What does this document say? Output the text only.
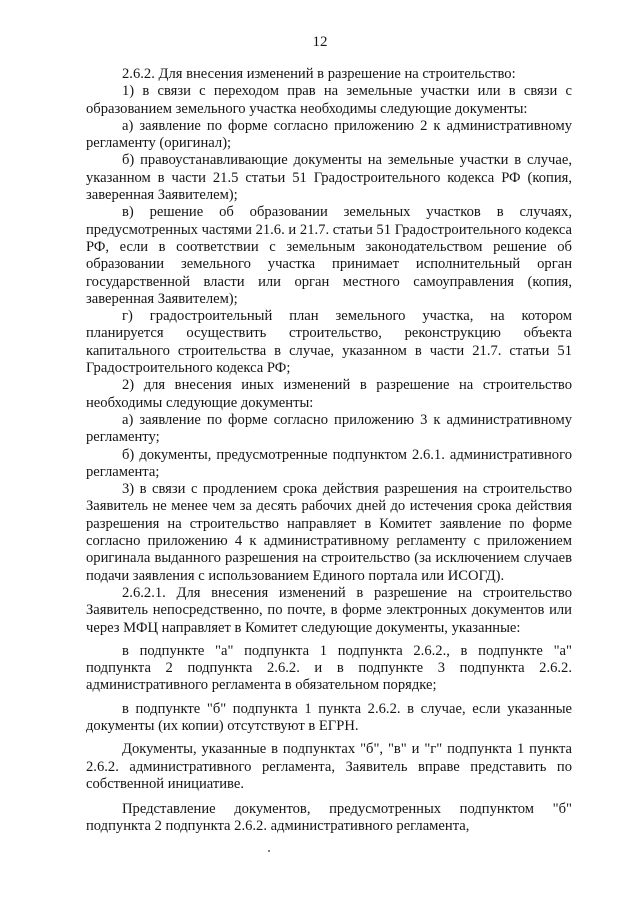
12

2.6.2. Для внесения изменений в разрешение на строительство:

1) в связи с переходом прав на земельные участки или в связи с образованием земельного участка необходимы следующие документы:

а) заявление по форме согласно приложению 2 к административному регламенту (оригинал);

б) правоустанавливающие документы на земельные участки в случае, указанном в части 21.5 статьи 51 Градостроительного кодекса РФ (копия, заверенная Заявителем);

в) решение об образовании земельных участков в случаях, предусмотренных частями 21.6. и 21.7. статьи 51 Градостроительного кодекса РФ, если в соответствии с земельным законодательством решение об образовании земельного участка принимает исполнительный орган государственной власти или орган местного самоуправления (копия, заверенная Заявителем);

г) градостроительный план земельного участка, на котором планируется осуществить строительство, реконструкцию объекта капитального строительства в случае, указанном в части 21.7. статьи 51 Градостроительного кодекса РФ;

2) для внесения иных изменений в разрешение на строительство необходимы следующие документы:

а) заявление по форме согласно приложению 3 к административному регламенту;

б) документы, предусмотренные подпунктом 2.6.1. административного регламента;

3) в связи с продлением срока действия разрешения на строительство Заявитель не менее чем за десять рабочих дней до истечения срока действия разрешения на строительство направляет в Комитет заявление по форме согласно приложению 4 к административному регламенту с приложением оригинала выданного разрешения на строительство (за исключением случаев подачи заявления с использованием Единого портала или ИСОГД).

2.6.2.1. Для внесения изменений в разрешение на строительство Заявитель непосредственно, по почте, в форме электронных документов или через МФЦ направляет в Комитет следующие документы, указанные:

в подпункте "а" подпункта 1 подпункта 2.6.2., в подпункте "а" подпункта 2 подпункта 2.6.2. и в подпункте 3 подпункта 2.6.2. административного регламента в обязательном порядке;

в подпункте "б" подпункта 1 пункта 2.6.2. в случае, если указанные документы (их копии) отсутствуют в ЕГРН.

Документы, указанные в подпунктах "б", "в" и "г" подпункта 1 пункта 2.6.2. административного регламента, Заявитель вправе представить по собственной инициативе.

Представление документов, предусмотренных подпунктом "б" подпункта 2 подпункта 2.6.2. административного регламента,
